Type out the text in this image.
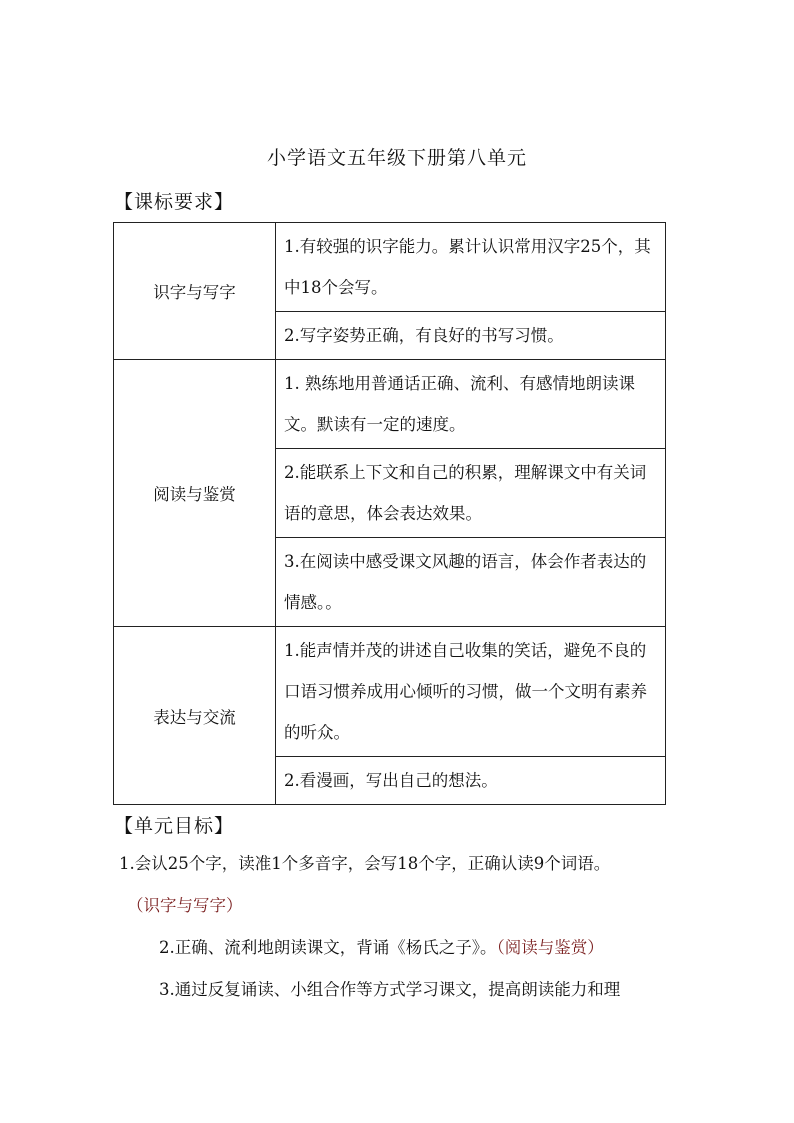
小学语文五年级下册第八单元
【课标要求】
识字与写字	1.有较强的识字能力。累计认识常用汉字25个，其中18个会写。
	2.写字姿势正确，有良好的书写习惯。
阅读与鉴赏	1. 熟练地用普通话正确、流利、有感情地朗读课文。默读有一定的速度。
	2.能联系上下文和自己的积累，理解课文中有关词语的意思，体会表达效果。
	3.在阅读中感受课文风趣的语言，体会作者表达的情感。。
表达与交流	1.能声情并茂的讲述自己收集的笑话，避免不良的口语习惯养成用心倾听的习惯，做一个文明有素养的听众。
	2.看漫画，写出自己的想法。
【单元目标】
1.会认25个字，读准1个多音字，会写18个字，正确认读9个词语。
（识字与写字）
2.正确、流利地朗读课文，背诵《杨氏之子》。（阅读与鉴赏）
3.通过反复诵读、小组合作等方式学习课文，提高朗读能力和理
